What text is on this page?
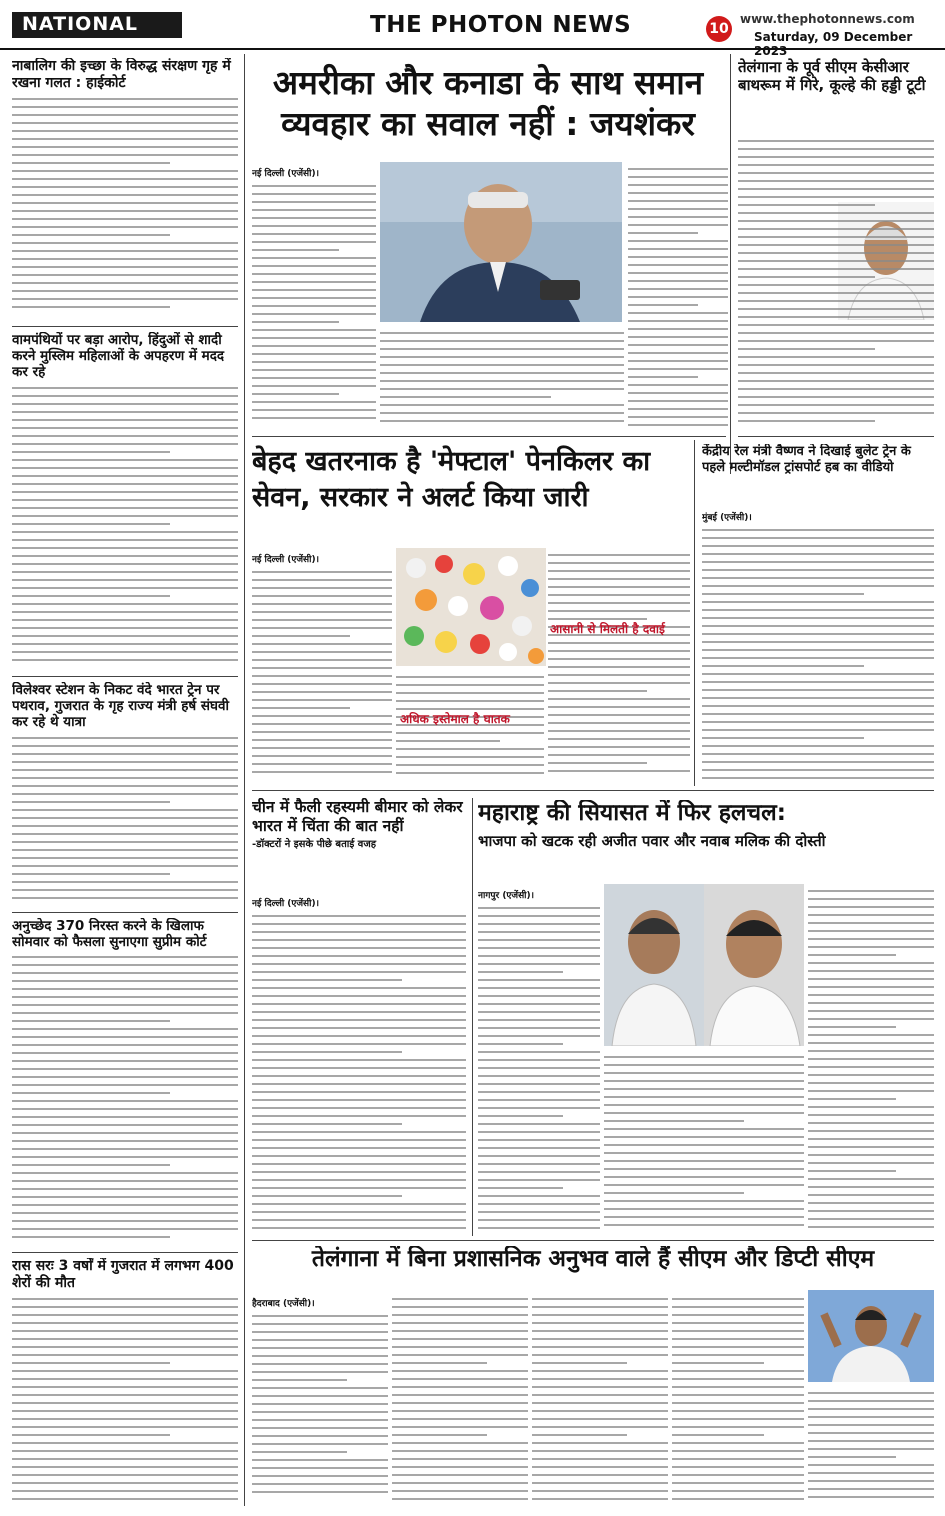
NATIONAL	THE PHOTON NEWS	10
www.thephotonnews.com
Saturday, 09 December 2023
नाबालिग की इच्छा के विरुद्ध संरक्षण गृह में रखना गलत : हाईकोर्ट
वामपंथियों पर बड़ा आरोप, हिंदुओं से शादी करने मुस्लिम महिलाओं के अपहरण में मदद कर रहे
विलेश्वर स्टेशन के निकट वंदे भारत ट्रेन पर पथराव, गुजरात के गृह राज्य मंत्री हर्ष संघवी कर रहे थे यात्रा
अनुच्छेद 370 निरस्त करने के खिलाफ सोमवार को फैसला सुनाएगा सुप्रीम कोर्ट
रास सरः 3 वर्षों में गुजरात में लगभग 400 शेरों की मौत
अमरीका और कनाडा के साथ समान व्यवहार का सवाल नहीं : जयशंकर
नई दिल्ली (एजेंसी)।
तेलंगाना के पूर्व सीएम केसीआर बाथरूम में गिरे, कूल्हे की हड्डी टूटी
बेहद खतरनाक है 'मेफ्टाल' पेनकिलर का सेवन, सरकार ने अलर्ट किया जारी
नई दिल्ली (एजेंसी)।
आसानी से मिलती है दवाई
अधिक इस्तेमाल है घातक
केंद्रीय रेल मंत्री वैष्णव ने दिखाई बुलेट ट्रेन के पहले मल्टीमॉडल ट्रांसपोर्ट हब का वीडियो
मुंबई (एजेंसी)।
चीन में फैली रहस्यमी बीमार को लेकर भारत में चिंता की बात नहीं
-डॉक्टरों ने इसके पीछे बताई वजह
नई दिल्ली (एजेंसी)।
महाराष्ट्र की सियासत में फिर हलचल:
भाजपा को खटक रही अजीत पवार और नवाब मलिक की दोस्ती
नागपुर (एजेंसी)।
तेलंगाना में बिना प्रशासनिक अनुभव वाले हैं सीएम और डिप्टी सीएम
हैदराबाद (एजेंसी)।
